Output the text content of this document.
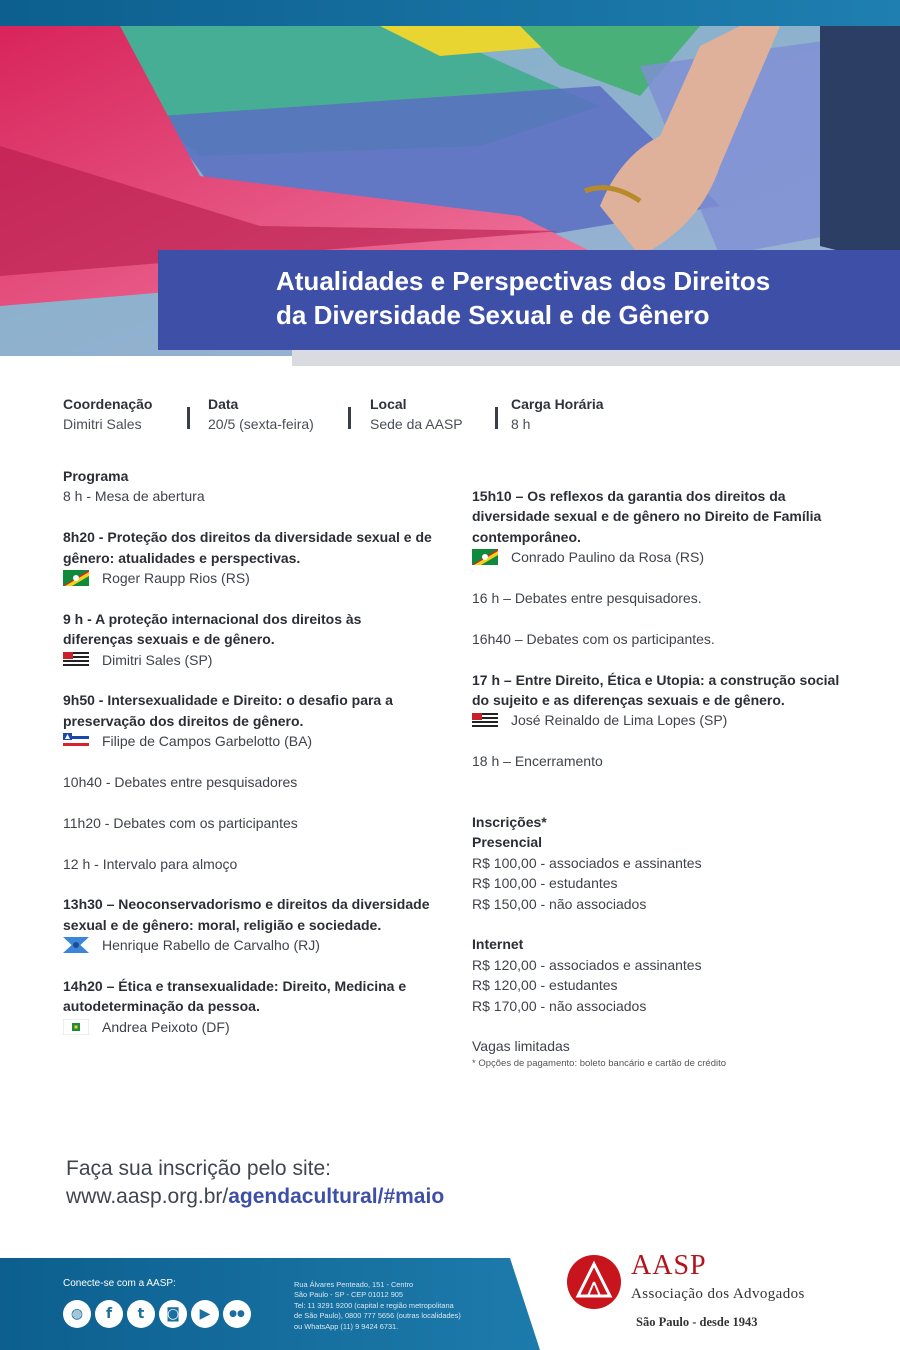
Atualidades e Perspectivas dos Direitos
da Diversidade Sexual e de Gênero
Coordenação
Dimitri Sales
Data
20/5 (sexta-feira)
Local
Sede da AASP
Carga Horária
8 h
Programa
8 h - Mesa de abertura
8h20 - Proteção dos direitos da diversidade sexual e de gênero: atualidades e perspectivas.
Roger Raupp Rios (RS)
9 h - A proteção internacional dos direitos às diferenças sexuais e de gênero.
Dimitri Sales (SP)
9h50 - Intersexualidade e Direito: o desafio para a preservação dos direitos de gênero.
Filipe de Campos Garbelotto (BA)
10h40 - Debates entre pesquisadores
11h20 - Debates com os participantes
12 h - Intervalo para almoço
13h30 – Neoconservadorismo e direitos da diversidade sexual e de gênero: moral, religião e sociedade.
Henrique Rabello de Carvalho (RJ)
14h20 – Ética e transexualidade: Direito, Medicina e autodeterminação da pessoa.
Andrea Peixoto (DF)
15h10 – Os reflexos da garantia dos direitos da diversidade sexual e de gênero no Direito de Família contemporâneo.
Conrado Paulino da Rosa (RS)
16 h – Debates entre pesquisadores.
16h40 – Debates com os participantes.
17 h – Entre Direito, Ética e Utopia: a construção social do sujeito e as diferenças sexuais e de gênero.
José Reinaldo de Lima Lopes (SP)
18 h – Encerramento
Inscrições*
Presencial
R$ 100,00 - associados e assinantes
R$ 100,00 - estudantes
R$ 150,00 - não associados
Internet
R$ 120,00 - associados e assinantes
R$ 120,00 - estudantes
R$ 170,00 - não associados
Vagas limitadas
* Opções de pagamento: boleto bancário e cartão de crédito
Faça sua inscrição pelo site:
www.aasp.org.br/agendacultural/#maio
Conecte-se com a AASP:
◍	f	t	◙	▶	●●
Rua Álvares Penteado, 151 - Centro
São Paulo - SP - CEP 01012 905
Tel: 11 3291 9200 (capital e região metropolitana
de São Paulo), 0800 777 5656 (outras localidades)
ou WhatsApp (11) 9 9424 6731.
AASP
Associação dos Advogados
São Paulo - desde 1943
